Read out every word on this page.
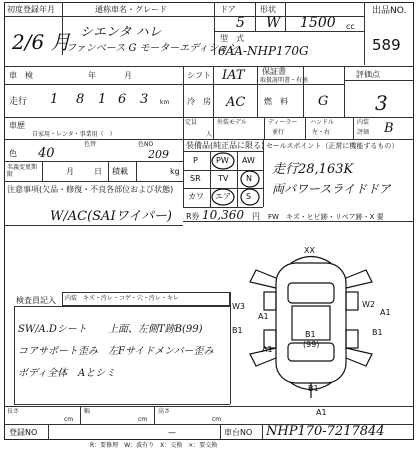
初度登録年月
2/6 月
通称車名・グレード
シエンタ ハレ
ファンベース G モーターエディション
ドア
5
形状
W 1500 cc
型　式
6AA-NHP170G
出品NO.
589
車　検	年	月	シフト IAT 保証書
取扱説明書・有無
評価点
走行 1 8 1 6 3 km 冷　房 AC 燃　料 G 3
車歴
自家用・レンタ・事業用（　）
定員
人
外装モデル	ディーラー
並行
ハンドル
左・右
内装
評価 B
色
色替	色NO
40	209
名義変更期限	月	日 積載	kg
注意事項(欠品・修復・不良各部位および状態)
W/AC(SAIワイパー)
装備品(純正品に限る)
P PW AW
SR TV N
カワ エア S
R券 10,360 円
セールスポイント（正常に機能するもの）
走行28,163K
両パワースライドドア
FW　キズ・ヒビ跡・リペア跡・X 要
XX
W3
A1
B1
A1
B1
(99)
B1
A1
W2
B1
A1
検査員記入 内装　キズ・汚レ・コゲ・穴・汚レ・キレ
SW/A.Dシート 上面、左側T跡B(99)
コアサポート歪み 左Fサイドメンバー歪み
ボディ全体 Aとシミ
長さ
cm
幅
cm
高さ
cm
登録NO	—	車台NO NHP170-7217844
R：要修理　W：波有り　X：交換　×：要交換
